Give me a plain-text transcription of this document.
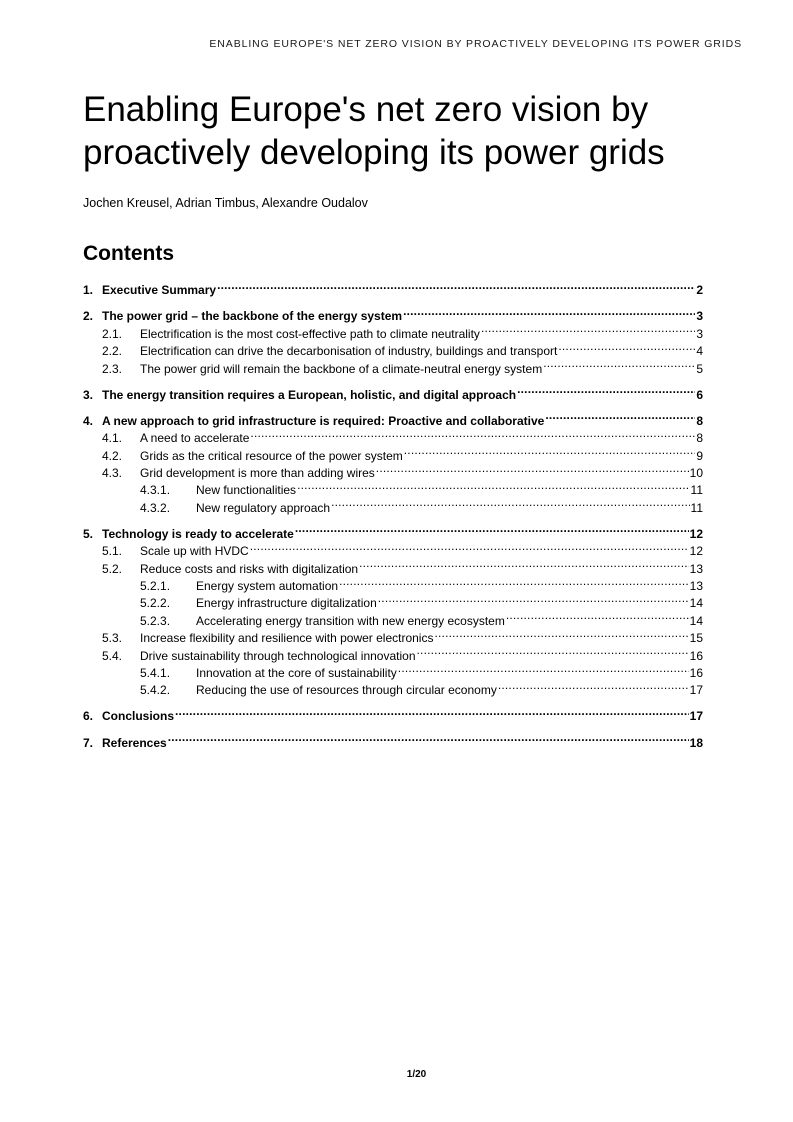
ENABLING EUROPE'S NET ZERO VISION BY PROACTIVELY DEVELOPING ITS POWER GRIDS
Enabling Europe's net zero vision by proactively developing its power grids
Jochen Kreusel, Adrian Timbus, Alexandre Oudalov
Contents
1. Executive Summary .....	2
2. The power grid – the backbone of the energy system .....	3
2.1.	Electrification is the most cost-effective path to climate neutrality .....	3
2.2.	Electrification can drive the decarbonisation of industry, buildings and transport .....	4
2.3.	The power grid will remain the backbone of a climate-neutral energy system .....	5
3. The energy transition requires a European, holistic, and digital approach .....	6
4. A new approach to grid infrastructure is required: Proactive and collaborative .....	8
4.1.	A need to accelerate .....	8
4.2.	Grids as the critical resource of the power system .....	9
4.3.	Grid development is more than adding wires .....	10
4.3.1.	New functionalities .....	11
4.3.2.	New regulatory approach .....	11
5. Technology is ready to accelerate .....	12
5.1.	Scale up with HVDC .....	12
5.2.	Reduce costs and risks with digitalization .....	13
5.2.1.	Energy system automation .....	13
5.2.2.	Energy infrastructure digitalization .....	14
5.2.3.	Accelerating energy transition with new energy ecosystem .....	14
5.3.	Increase flexibility and resilience with power electronics .....	15
5.4.	Drive sustainability through technological innovation .....	16
5.4.1.	Innovation at the core of sustainability .....	16
5.4.2.	Reducing the use of resources through circular economy .....	17
6. Conclusions .....	17
7. References .....	18
1/20
